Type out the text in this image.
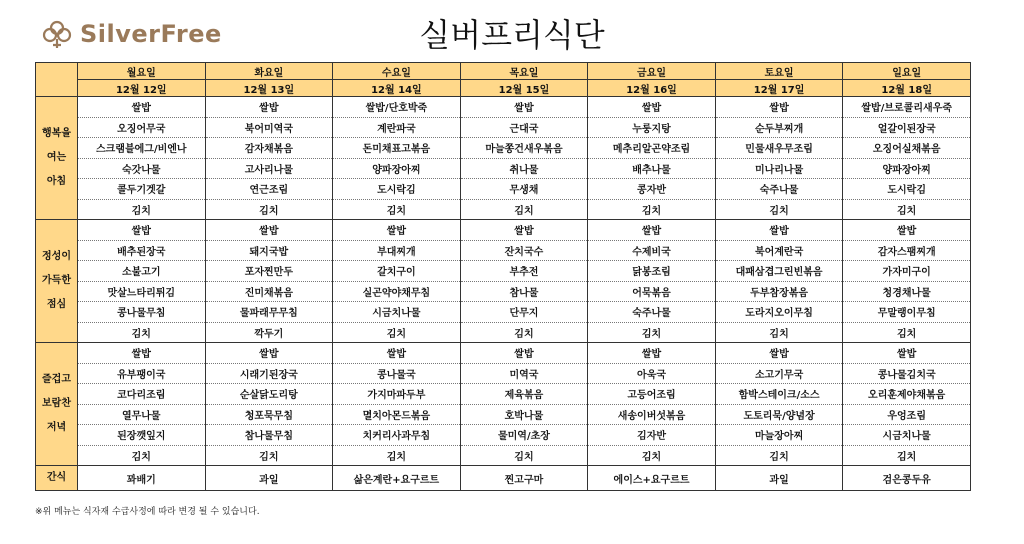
SilverFree	실버프리식단
	월요일	화요일	수요일	목요일	금요일	토요일	일요일
	12월 12일	12월 13일	12월 14일	12월 15일	12월 16일	12월 17일	12월 18일

행복을
여는
아침	쌀밥	쌀밥	쌀밥/단호박죽	쌀밥	쌀밥	쌀밥	쌀밥/브로콜리새우죽
	오징어무국	북어미역국	계란파국	근대국	누룽지탕	순두부찌개	얼갈이된장국
	스크램블에그/비엔나	감자채볶음	돈미채표고볶음	마늘쫑건새우볶음	메추리알곤약조림	민물새우무조림	오징어실채볶음
	숙갓나물	고사리나물	양파장아찌	취나물	배추나물	미나리나물	양파장아찌
	콜두기겟갈	연근조림	도시락김	무생채	콩자반	숙주나물	도시락김
	김치	김치	김치	김치	김치	김치	김치

정성이
가득한
점심	쌀밥	쌀밥	쌀밥	쌀밥	쌀밥	쌀밥	쌀밥
	배추된장국	돼지국밥	부대찌개	잔치국수	수제비국	북어계란국	감자스팸찌개
	소불고기	포자찐만두	갈치구이	부추전	닭봉조림	대패삼겹그린빈볶음	가자미구이
	맛살느타리튀김	진미채볶음	실곤약야채무침	참나물	어묵볶음	두부참장볶음	청경채나물
	콩나물무침	물파래무무침	시금치나물	단무지	숙주나물	도라지오이무침	무말랭이무침
	김치	깍두기	김치	김치	김치	김치	김치

즐겁고
보람찬
저녁	쌀밥	쌀밥	쌀밥	쌀밥	쌀밥	쌀밥	쌀밥
	유부팽이국	시래기된장국	콩나물국	미역국	아욱국	소고기무국	콩나물김치국
	코다리조림	순살닭도리탕	가지마파두부	제육볶음	고등어조림	함박스테이크/소스	오리훈제야채볶음
	열무나물	청포묵무침	멸치아몬드볶음	호박나물	새송이버섯볶음	도토리묵/양념장	우엉조림
	된장깻잎지	참나물무침	치커리사과무침	물미역/초장	김자반	마늘장아찌	시금치나물
	김치	김치	김치	김치	김치	김치	김치
간식	꽈배기	과일	삶은계란+요구르트	찐고구마	에이스+요구르트	과일	검은콩두유
※위 메뉴는 식자재 수급사정에 따라 변경 될 수 있습니다.
